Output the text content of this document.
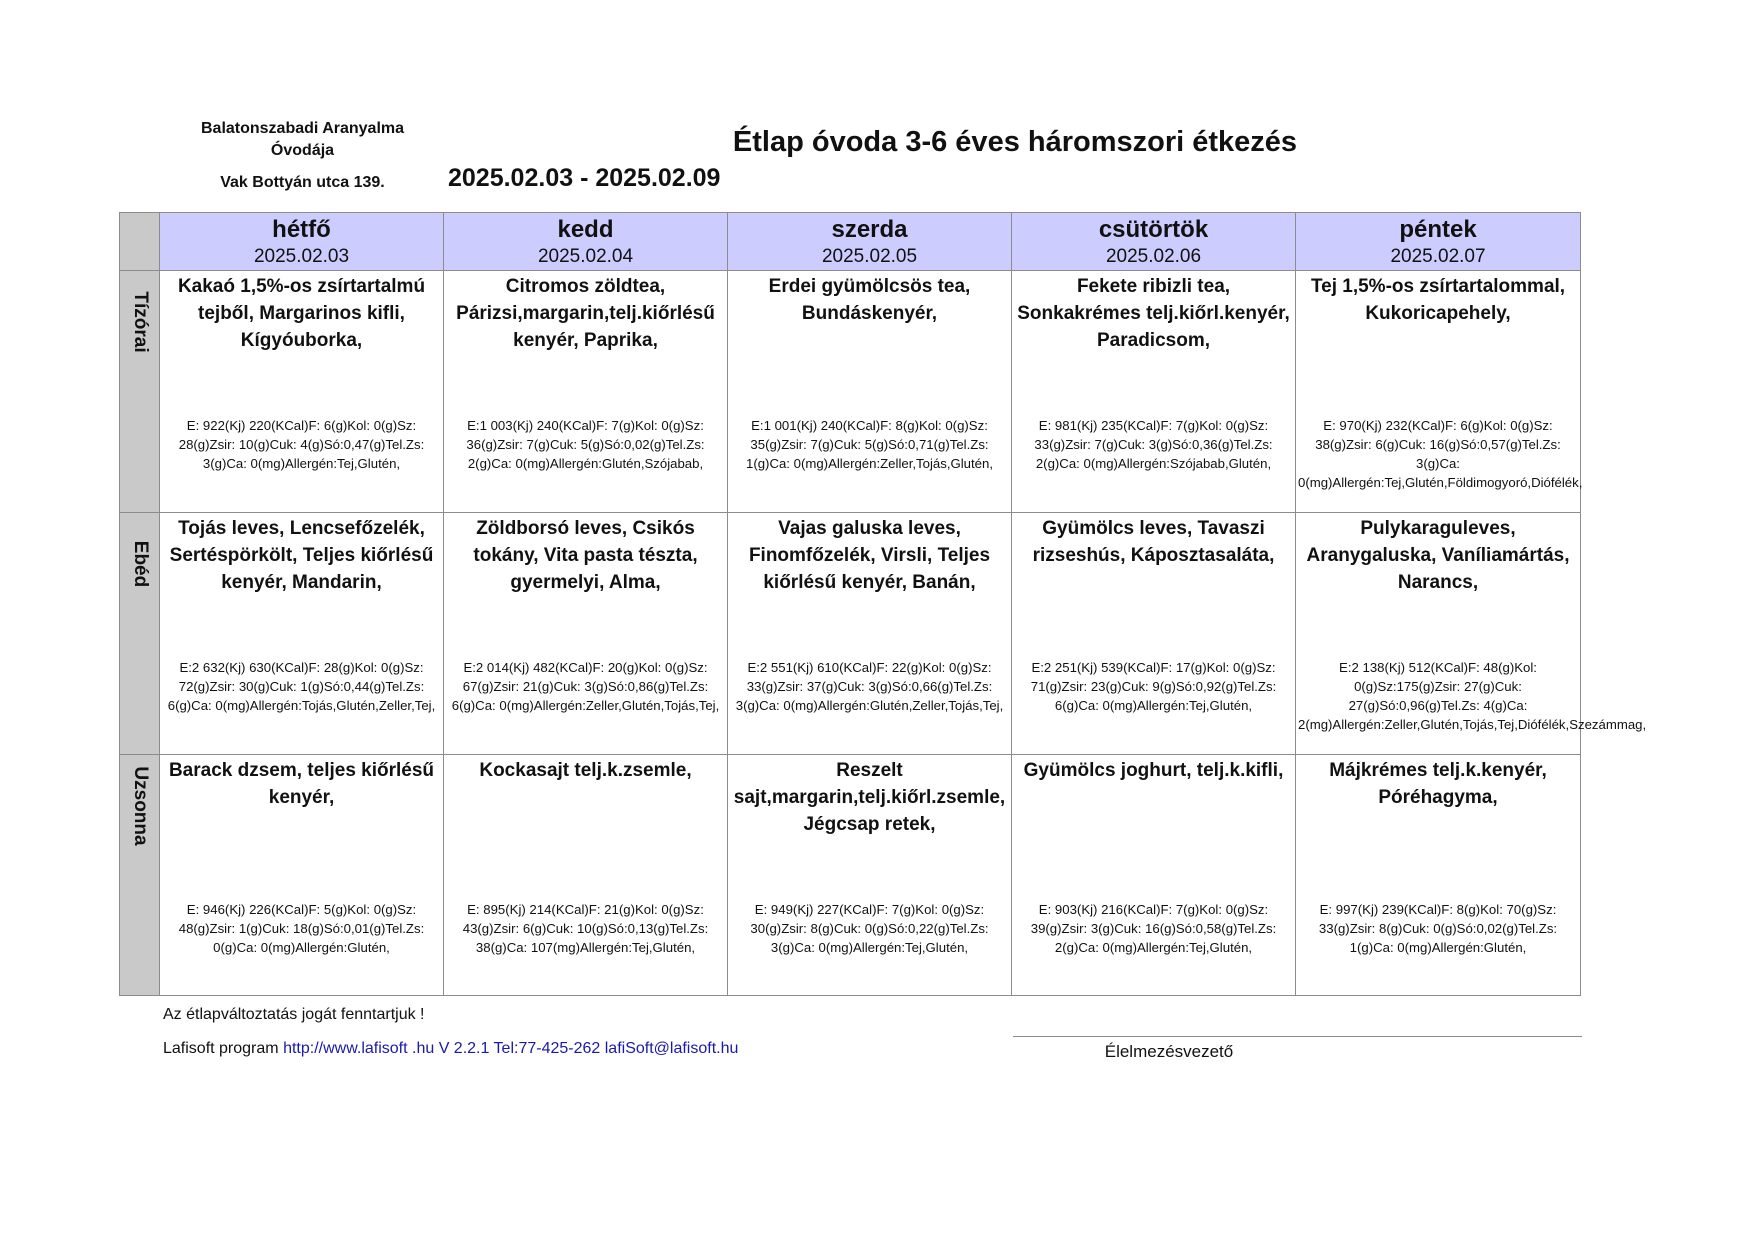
Balatonszabadi Aranyalma Óvodája
Vak Bottyán utca 139.	2025.02.03 - 2025.02.09
Étlap óvoda 3-6 éves háromszori étkezés
hétfő
2025.02.03
kedd
2025.02.04
szerda
2025.02.05
csütörtök
2025.02.06
péntek
2025.02.07
Tízórai
Kakaó 1,5%-os zsírtartalmú tejből, Margarinos kifli, Kígyóuborka,
E: 922(Kj) 220(KCal)F: 6(g)Kol: 0(g)Sz: 28(g)Zsir: 10(g)Cuk: 4(g)Só:0,47(g)Tel.Zs: 3(g)Ca: 0(mg)Allergén:Tej,Glutén,
Citromos zöldtea, Párizsi,margarin,telj.kiőrlésű kenyér, Paprika,
E:1 003(Kj) 240(KCal)F: 7(g)Kol: 0(g)Sz: 36(g)Zsir: 7(g)Cuk: 5(g)Só:0,02(g)Tel.Zs: 2(g)Ca: 0(mg)Allergén:Glutén,Szójabab,
Erdei gyümölcsös tea, Bundáskenyér,
E:1 001(Kj) 240(KCal)F: 8(g)Kol: 0(g)Sz: 35(g)Zsir: 7(g)Cuk: 5(g)Só:0,71(g)Tel.Zs: 1(g)Ca: 0(mg)Allergén:Zeller,Tojás,Glutén,
Fekete ribizli tea, Sonkakrémes telj.kiőrl.kenyér, Paradicsom,
E: 981(Kj) 235(KCal)F: 7(g)Kol: 0(g)Sz: 33(g)Zsir: 7(g)Cuk: 3(g)Só:0,36(g)Tel.Zs: 2(g)Ca: 0(mg)Allergén:Szójabab,Glutén,
Tej 1,5%-os zsírtartalommal, Kukoricapehely,
E: 970(Kj) 232(KCal)F: 6(g)Kol: 0(g)Sz: 38(g)Zsir: 6(g)Cuk: 16(g)Só:0,57(g)Tel.Zs: 3(g)Ca: 0(mg)Allergén:Tej,Glutén,Földimogyoró,Diófélék,
Ebéd
Tojás leves, Lencsefőzelék, Sertéspörkölt, Teljes kiőrlésű kenyér, Mandarin,
E:2 632(Kj) 630(KCal)F: 28(g)Kol: 0(g)Sz: 72(g)Zsir: 30(g)Cuk: 1(g)Só:0,44(g)Tel.Zs: 6(g)Ca: 0(mg)Allergén:Tojás,Glutén,Zeller,Tej,
Zöldborsó leves, Csikós tokány, Vita pasta tészta, gyermelyi, Alma,
E:2 014(Kj) 482(KCal)F: 20(g)Kol: 0(g)Sz: 67(g)Zsir: 21(g)Cuk: 3(g)Só:0,86(g)Tel.Zs: 6(g)Ca: 0(mg)Allergén:Zeller,Glutén,Tojás,Tej,
Vajas galuska leves, Finomfőzelék, Virsli, Teljes kiőrlésű kenyér, Banán,
E:2 551(Kj) 610(KCal)F: 22(g)Kol: 0(g)Sz: 33(g)Zsir: 37(g)Cuk: 3(g)Só:0,66(g)Tel.Zs: 3(g)Ca: 0(mg)Allergén:Glutén,Zeller,Tojás,Tej,
Gyümölcs leves, Tavaszi rizseshús, Káposztasaláta,
E:2 251(Kj) 539(KCal)F: 17(g)Kol: 0(g)Sz: 71(g)Zsir: 23(g)Cuk: 9(g)Só:0,92(g)Tel.Zs: 6(g)Ca: 0(mg)Allergén:Tej,Glutén,
Pulykaraguleves, Aranygaluska, Vaníliamártás, Narancs,
E:2 138(Kj) 512(KCal)F: 48(g)Kol: 0(g)Sz:175(g)Zsir: 27(g)Cuk: 27(g)Só:0,96(g)Tel.Zs: 4(g)Ca: 2(mg)Allergén:Zeller,Glutén,Tojás,Tej,Diófélék,Szezámmag,
Uzsonna Barack dzsem, teljes kiőrlésű kenyér,
E: 946(Kj) 226(KCal)F: 5(g)Kol: 0(g)Sz: 48(g)Zsir: 1(g)Cuk: 18(g)Só:0,01(g)Tel.Zs: 0(g)Ca: 0(mg)Allergén:Glutén,
Kockasajt telj.k.zsemle,
E: 895(Kj) 214(KCal)F: 21(g)Kol: 0(g)Sz: 43(g)Zsir: 6(g)Cuk: 10(g)Só:0,13(g)Tel.Zs: 38(g)Ca: 107(mg)Allergén:Tej,Glutén,
Reszelt sajt,margarin,telj.kiőrl.zsemle, Jégcsap retek,
E: 949(Kj) 227(KCal)F: 7(g)Kol: 0(g)Sz: 30(g)Zsir: 8(g)Cuk: 0(g)Só:0,22(g)Tel.Zs: 3(g)Ca: 0(mg)Allergén:Tej,Glutén,
Gyümölcs joghurt, telj.k.kifli,
E: 903(Kj) 216(KCal)F: 7(g)Kol: 0(g)Sz: 39(g)Zsir: 3(g)Cuk: 16(g)Só:0,58(g)Tel.Zs: 2(g)Ca: 0(mg)Allergén:Tej,Glutén,
Májkrémes telj.k.kenyér, Póréhagyma,
E: 997(Kj) 239(KCal)F: 8(g)Kol: 70(g)Sz: 33(g)Zsir: 8(g)Cuk: 0(g)Só:0,02(g)Tel.Zs: 1(g)Ca: 0(mg)Allergén:Glutén,
Az étlapváltoztatás jogát fenntartjuk !
Lafisoft program http://www.lafisoft .hu V 2.2.1 Tel:77-425-262 lafiSoft@lafisoft.hu	Élelmezésvezető
